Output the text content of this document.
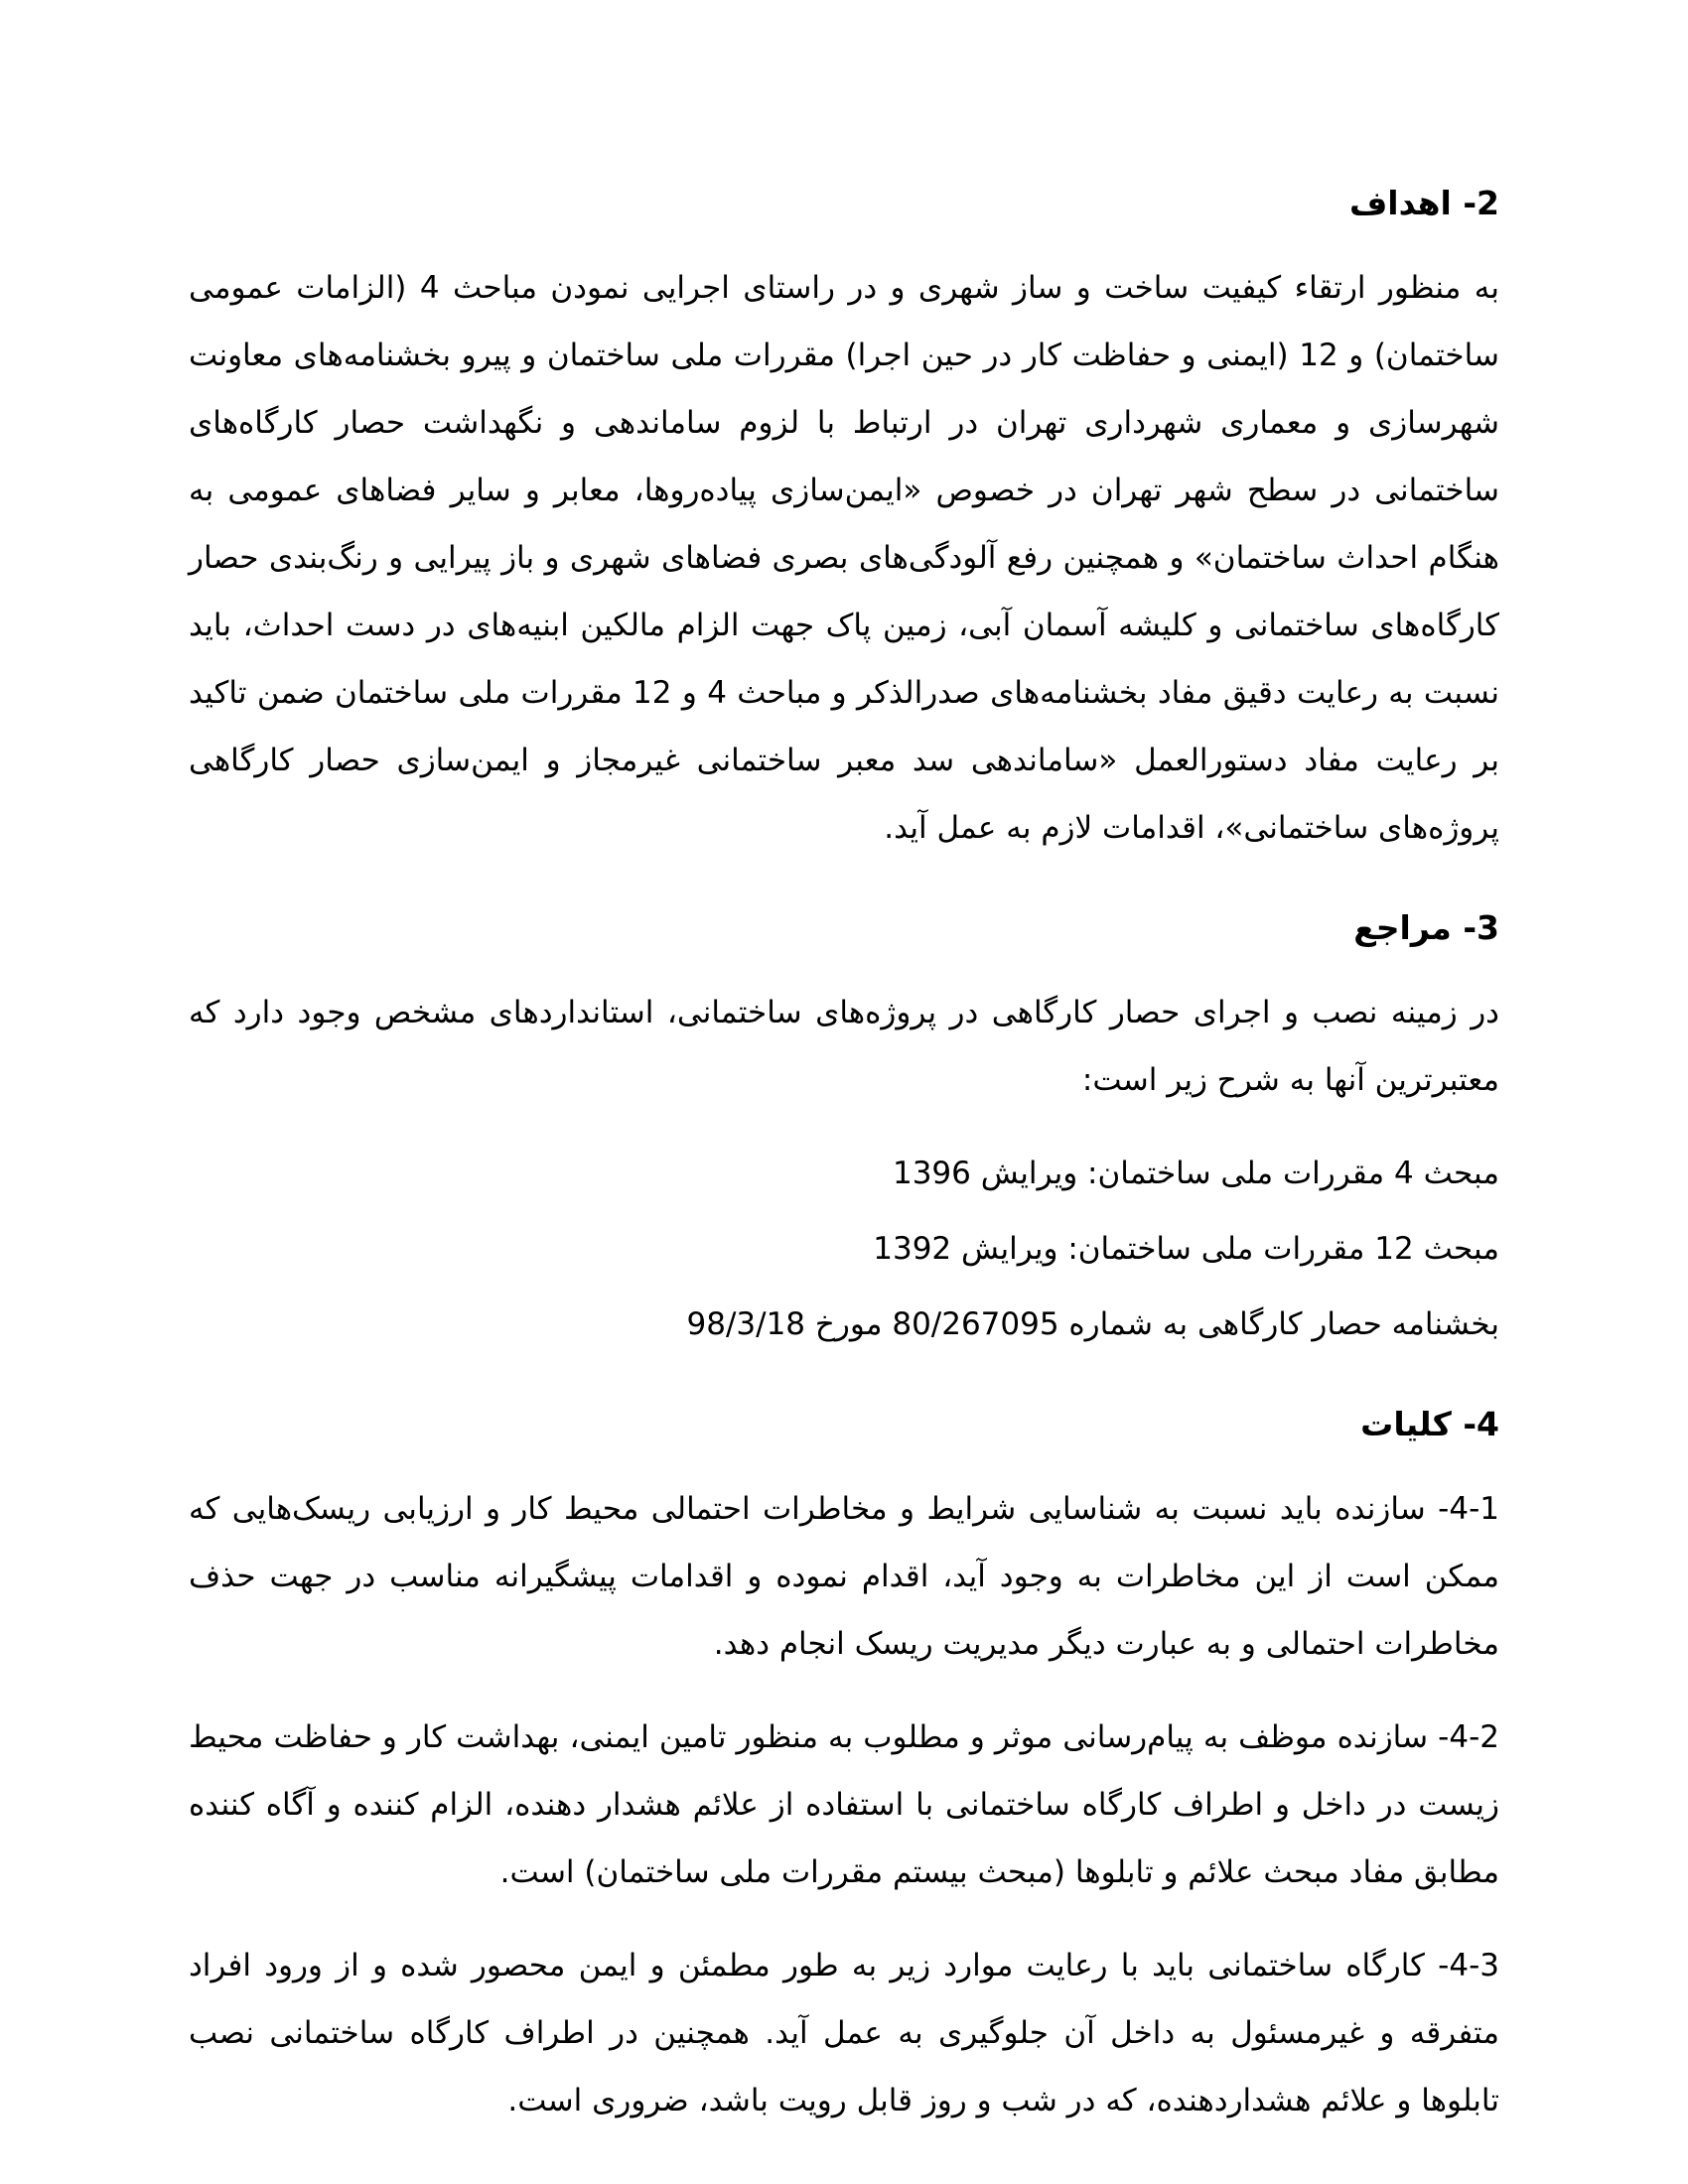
2- اهداف

به منظور ارتقاء کیفیت ساخت و ساز شهری و در راستای اجرایی نمودن مباحث 4 (الزامات عمومی ساختمان) و 12 (ایمنی و حفاظت کار در حین اجرا) مقررات ملی ساختمان و پیرو بخشنامه‌های معاونت شهرسازی و معماری شهرداری تهران در ارتباط با لزوم ساماندهی و نگهداشت حصار کارگاه‌های ساختمانی در سطح شهر تهران در خصوص «ایمن‌سازی پیاده‌روها، معابر و سایر فضاهای عمومی به هنگام احداث ساختمان» و همچنین رفع آلودگی‌های بصری فضاهای شهری و باز پیرایی و رنگ‌بندی حصار کارگاه‌های ساختمانی و کلیشه آسمان آبی، زمین پاک جهت الزام مالکین ابنیه‌های در دست احداث، باید نسبت به رعایت دقیق مفاد بخشنامه‌های صدرالذکر و مباحث 4 و 12 مقررات ملی ساختمان ضمن تاکید بر رعایت مفاد دستورالعمل «ساماندهی سد معبر ساختمانی غیرمجاز و ایمن‌سازی حصار کارگاهی پروژه‌های ساختمانی»، اقدامات لازم به عمل آید.

3- مراجع

در زمینه نصب و اجرای حصار کارگاهی در پروژه‌های ساختمانی، استانداردهای مشخص وجود دارد که معتبرترین آنها به شرح زیر است:

مبحث 4 مقررات ملی ساختمان: ویرایش 1396

مبحث 12 مقررات ملی ساختمان: ویرایش 1392

بخشنامه حصار کارگاهی به شماره 80/267095 مورخ 98/3/18

4- کلیات

4-1- سازنده باید نسبت به شناسایی شرایط و مخاطرات احتمالی محیط کار و ارزیابی ریسک‌هایی که ممکن است از این مخاطرات به وجود آید، اقدام نموده و اقدامات پیشگیرانه مناسب در جهت حذف مخاطرات احتمالی و به عبارت دیگر مدیریت ریسک انجام دهد.

4-2- سازنده موظف به پیام‌رسانی موثر و مطلوب به منظور تامین ایمنی، بهداشت کار و حفاظت محیط زیست در داخل و اطراف کارگاه ساختمانی با استفاده از علائم هشدار دهنده، الزام کننده و آگاه کننده مطابق مفاد مبحث علائم و تابلوها (مبحث بیستم مقررات ملی ساختمان) است.

4-3- کارگاه ساختمانی باید با رعایت موارد زیر به طور مطمئن و ایمن محصور شده و از ورود افراد متفرقه و غیرمسئول به داخل آن جلوگیری به عمل آید. همچنین در اطراف کارگاه ساختمانی نصب تابلوها و علائم هشداردهنده، که در شب و روز قابل رویت باشد، ضروری است.
